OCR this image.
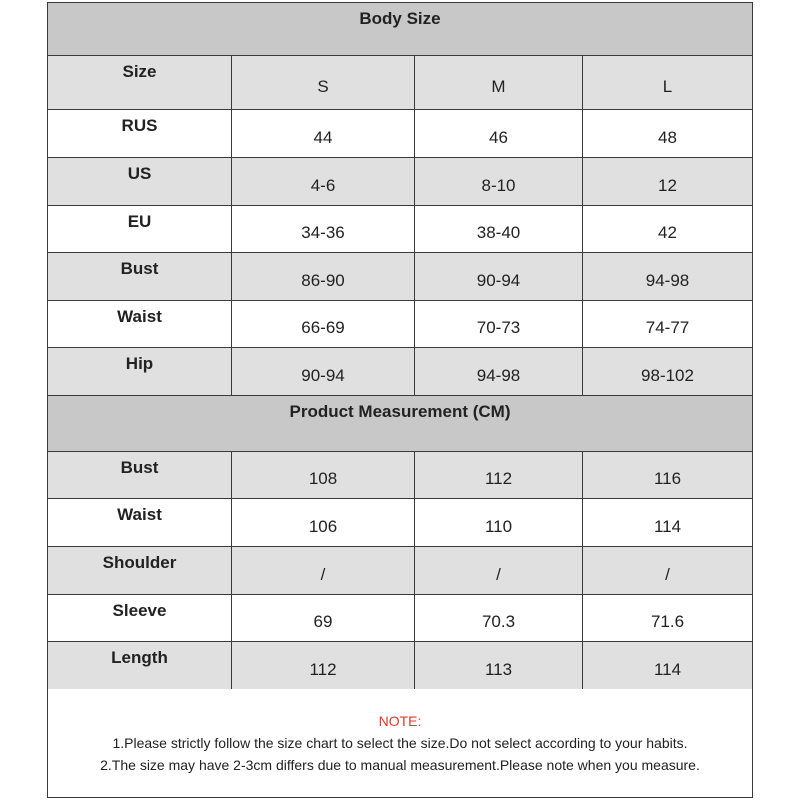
Body Size			
Size	S	M	L
RUS	44	46	48
US	4-6	8-10	12
EU	34-36	38-40	42
Bust	86-90	90-94	94-98
Waist	66-69	70-73	74-77
Hip	90-94	94-98	98-102
Product Measurement (CM)			
Bust	108	112	116
Waist	106	110	114
Shoulder	/	/	/
Sleeve	69	70.3	71.6
Length	112	113	114
NOTE:
1.Please strictly follow the size chart to select the size.Do not select according to your habits.
2.The size may have 2-3cm differs due to manual measurement.Please note when you measure.
